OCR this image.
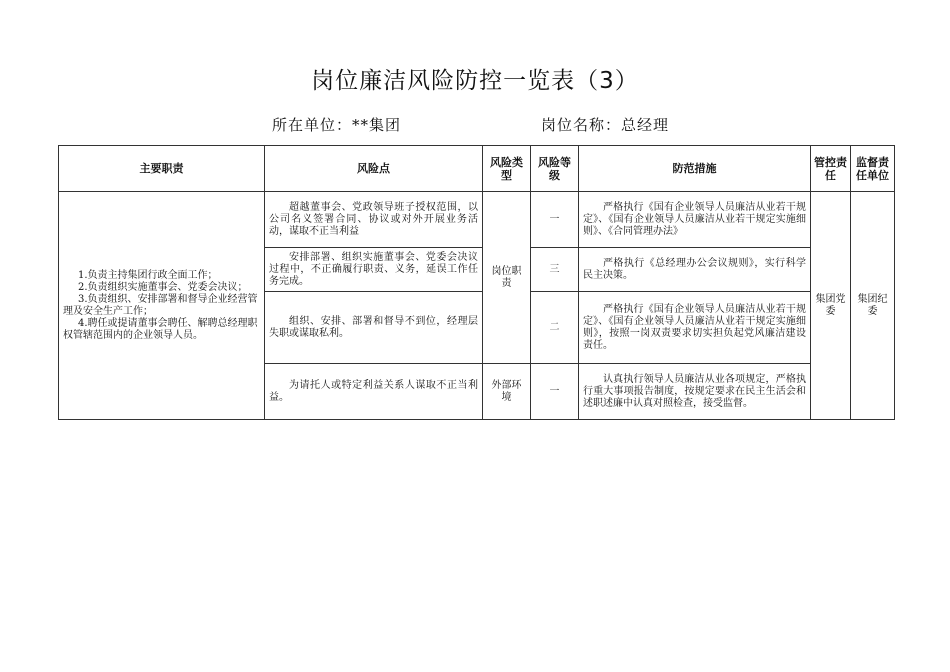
岗位廉洁风险防控一览表（3）
所在单位：**集团	岗位名称：总经理
主要职责	风险点	风险类型	风险等级	防范措施	管控责任	监督责任单位

1.负责主持集团行政全面工作；
2.负责组织实施董事会、党委会决议；
3.负责组织、安排部署和督导企业经营管理及安全生产工作；
4.聘任或提请董事会聘任、解聘总经理职权管辖范围内的企业领导人员。	超越董事会、党政领导班子授权范围，以公司名义签署合同、协议或对外开展业务活动，谋取不正当利益	岗位职责	一	严格执行《国有企业领导人员廉洁从业若干规定》、《国有企业领导人员廉洁从业若干规定实施细则》、《合同管理办法》	集团党委	集团纪委
	安排部署、组织实施董事会、党委会决议过程中，不正确履行职责、义务，延误工作任务完成。		三	严格执行《总经理办公会议规则》，实行科学民主决策。		
	组织、安排、部署和督导不到位，经理层失职或谋取私利。		二	严格执行《国有企业领导人员廉洁从业若干规定》、《国有企业领导人员廉洁从业若干规定实施细则》，按照一岗双责要求切实担负起党风廉洁建设责任。		
	为请托人或特定利益关系人谋取不正当利益。	外部环境	一	认真执行领导人员廉洁从业各项规定，严格执行重大事项报告制度，按规定要求在民主生活会和述职述廉中认真对照检查，接受监督。		
